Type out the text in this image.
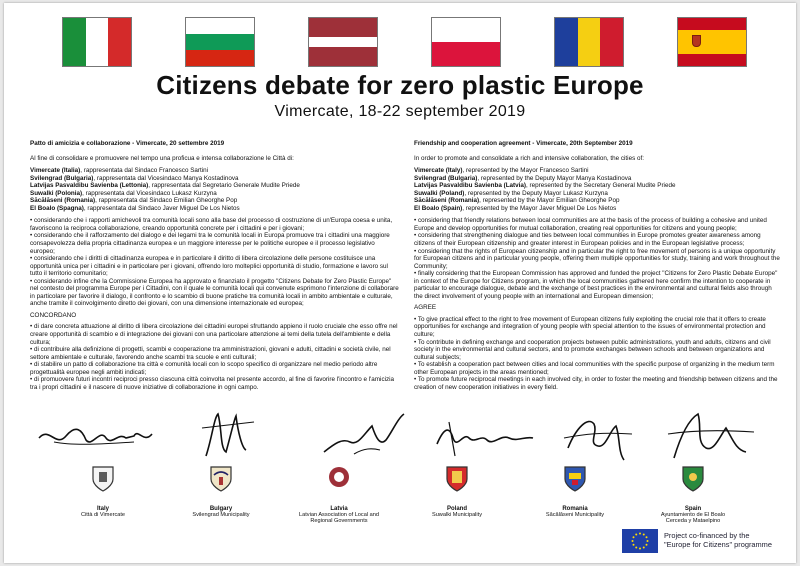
Citizens debate for zero plastic Europe
Vimercate, 18-22 september 2019
Patto di amicizia e collaborazione - Vimercate, 20 settembre 2019
Al fine di consolidare e promuovere nel tempo una proficua e intensa collaborazione le Città di:
Vimercate (Italia), rappresentata dal Sindaco Francesco Sartini
Svilengrad (Bulgaria), rappresentata dal Vicesindaco Manya Kostadinova
Latvijas Pasvaldibu Savienba (Lettonia), rappresentata dal Segretario Generale Mudite Priede
Suwalki (Polonia), rappresentata dal Vicesindaco Lukasz Kurzyna
Săcălăseni (Romania), rappresentata dal Sindaco Emilian Gheorghe Pop
El Boalo (Spagna), rappresentata dal Sindaco Javer Miguel De Los Nietos

• considerando che i rapporti amichevoli tra comunità locali sono alla base del processo di costruzione di un'Europa coesa e unita, favoriscono la reciproca collaborazione, creando opportunità concrete per i cittadini e per i giovani;

• considerando che il rafforzamento del dialogo e dei legami tra le comunità locali in Europa promuove tra i cittadini una maggiore consapevolezza della propria cittadinanza europea e un maggiore interesse per le politiche europee e il processo legislativo europeo;

• considerando che i diritti di cittadinanza europea e in particolare il diritto di libera circolazione delle persone costituisce una opportunità unica per i cittadini e in particolare per i giovani, offrendo loro molteplici opportunità di studio, formazione e lavoro sul tutto il territorio comunitario;

• considerando infine che la Commissione Europea ha approvato e finanziato il progetto "Citizens Debate for Zero Plastic Europe" nel contesto del programma Europe per i Cittadini, con il quale le comunità locali qui convenute esprimono l'intenzione di collaborare in particolare per favorire il dialogo, il confronto e lo scambio di buone pratiche tra comunità locali in ambito ambientale e culturale, anche tramite il coinvolgimento diretto dei giovani, con una dimensione internazionale ed europea;

CONCORDANO

• di dare concreta attuazione al diritto di libera circolazione dei cittadini europei sfruttando appieno il ruolo cruciale che esso offre nel creare opportunità di scambio e di integrazione dei giovani con una particolare attenzione ai temi della tutela dell'ambiente e della cultura;

• di contribuire alla definizione di progetti, scambi e cooperazione tra amministrazioni, giovani e adulti, cittadini e società civile, nel settore ambientale e culturale, favorendo anche scambi tra scuole e enti culturali;

• di stabilire un patto di collaborazione tra città e comunità locali con lo scopo specifico di organizzare nel medio periodo altre progettualità europee negli ambiti indicati;

• di promuovere futuri incontri reciproci presso ciascuna città coinvolta nel presente accordo, al fine di favorire l'incontro e l'amicizia tra i propri cittadini e il nascere di nuove iniziative di collaborazione in ogni campo.

Friendship and cooperation agreement - Vimercate, 20th September 2019
In order to promote and consolidate a rich and intensive collaboration, the cities of:
Vimercate (Italy), represented by the Mayor Francesco Sartini
Svilengrad (Bulgaria), represented by the Deputy Mayor Manya Kostadinova
Latvijas Pasvaldibu Savienba (Latvia), represented by the Secretary General Mudite Priede
Suwalki (Poland), represented by the Deputy Mayor Lukasz Kurzyna
Săcălăseni (Romania), represented by the Mayor Emilian Gheorghe Pop
El Boalo (Spain), represented by the Mayor Javer Miguel De Los Nietos

• considering that friendly relations between local communities are at the basis of the process of building a cohesive and united Europe and develop opportunities for mutual collaboration, creating real opportunities for citizens and young people;

• considering that strengthening dialogue and ties between local communities in Europe promotes greater awareness among citizens of their European citizenship and greater interest in European policies and in the European legislative process;

• considering that the rights of European citizenship and in particular the right to free movement of persons is a unique opportunity for European citizens and in particular young people, offering them multiple opportunities for study, training and work throughout the Community;

• finally considering that the European Commission has approved and funded the project "Citizens for Zero Plastic Debate Europe" in context of the Europe for Citizens program, in which the local communities gathered here confirm the intention to cooperate in particular to encourage dialogue, debate and the exchange of best practices in the environmental and cultural fields also through the direct involvement of young people with an international and European dimension;

AGREE

• To give practical effect to the right to free movement of European citizens fully exploiting the crucial role that it offers to create opportunities for exchange and integration of young people with special attention to the issues of environmental protection and culture;

• To contribute in defining exchange and cooperation projects between public administrations, youth and adults, citizens and civil society in the environmental and cultural sectors, and to promote exchanges between schools and between organizations and cultural subjects;

• To establish a cooperation pact between cities and local communities with the specific purpose of organizing in the medium term other European projects in the areas mentioned;

• To promote future reciprocal meetings in each involved city, in order to foster the meeting and friendship between citizens and the creation of new cooperation initiatives in every field.

Italy
Città di Vimercate
Bulgary
Svilengrad Municipality
Latvia
Latvian Association of Local and
Regional Governments
Poland
Suwalki Municipality
Romania
Săcălăseni Municipality
Spain
Ayuntamiento de El Boalo
Cerceda y Mataelpino
Project co-financed by the
"Europe for Citizens" programme
